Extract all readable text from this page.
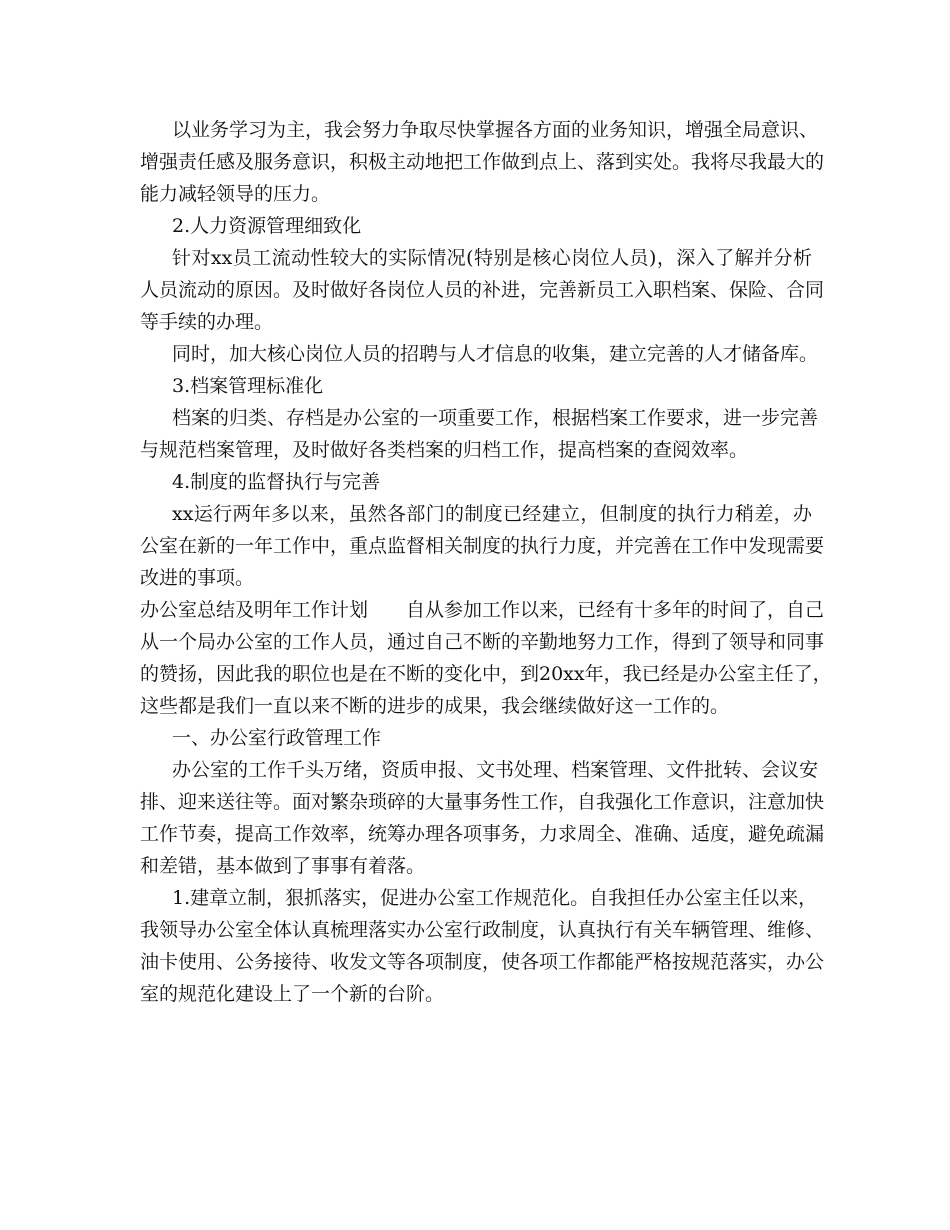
以业务学习为主，我会努力争取尽快掌握各方面的业务知识，增强全局意识、
增强责任感及服务意识，积极主动地把工作做到点上、落到实处。我将尽我最大的
能力减轻领导的压力。
2.人力资源管理细致化
针对xx员工流动性较大的实际情况(特别是核心岗位人员)，深入了解并分析
人员流动的原因。及时做好各岗位人员的补进，完善新员工入职档案、保险、合同
等手续的办理。
同时，加大核心岗位人员的招聘与人才信息的收集，建立完善的人才储备库。
3.档案管理标准化
档案的归类、存档是办公室的一项重要工作，根据档案工作要求，进一步完善
与规范档案管理，及时做好各类档案的归档工作，提高档案的查阅效率。
4.制度的监督执行与完善
xx运行两年多以来，虽然各部门的制度已经建立，但制度的执行力稍差，办
公室在新的一年工作中，重点监督相关制度的执行力度，并完善在工作中发现需要
改进的事项。
办公室总结及明年工作计划　　自从参加工作以来，已经有十多年的时间了，自己
从一个局办公室的工作人员，通过自己不断的辛勤地努力工作，得到了领导和同事
的赞扬，因此我的职位也是在不断的变化中，到20xx年，我已经是办公室主任了，
这些都是我们一直以来不断的进步的成果，我会继续做好这一工作的。
一、办公室行政管理工作
办公室的工作千头万绪，资质申报、文书处理、档案管理、文件批转、会议安
排、迎来送往等。面对繁杂琐碎的大量事务性工作，自我强化工作意识，注意加快
工作节奏，提高工作效率，统筹办理各项事务，力求周全、准确、适度，避免疏漏
和差错，基本做到了事事有着落。
1.建章立制，狠抓落实，促进办公室工作规范化。自我担任办公室主任以来，
我领导办公室全体认真梳理落实办公室行政制度，认真执行有关车辆管理、维修、
油卡使用、公务接待、收发文等各项制度，使各项工作都能严格按规范落实，办公
室的规范化建设上了一个新的台阶。
